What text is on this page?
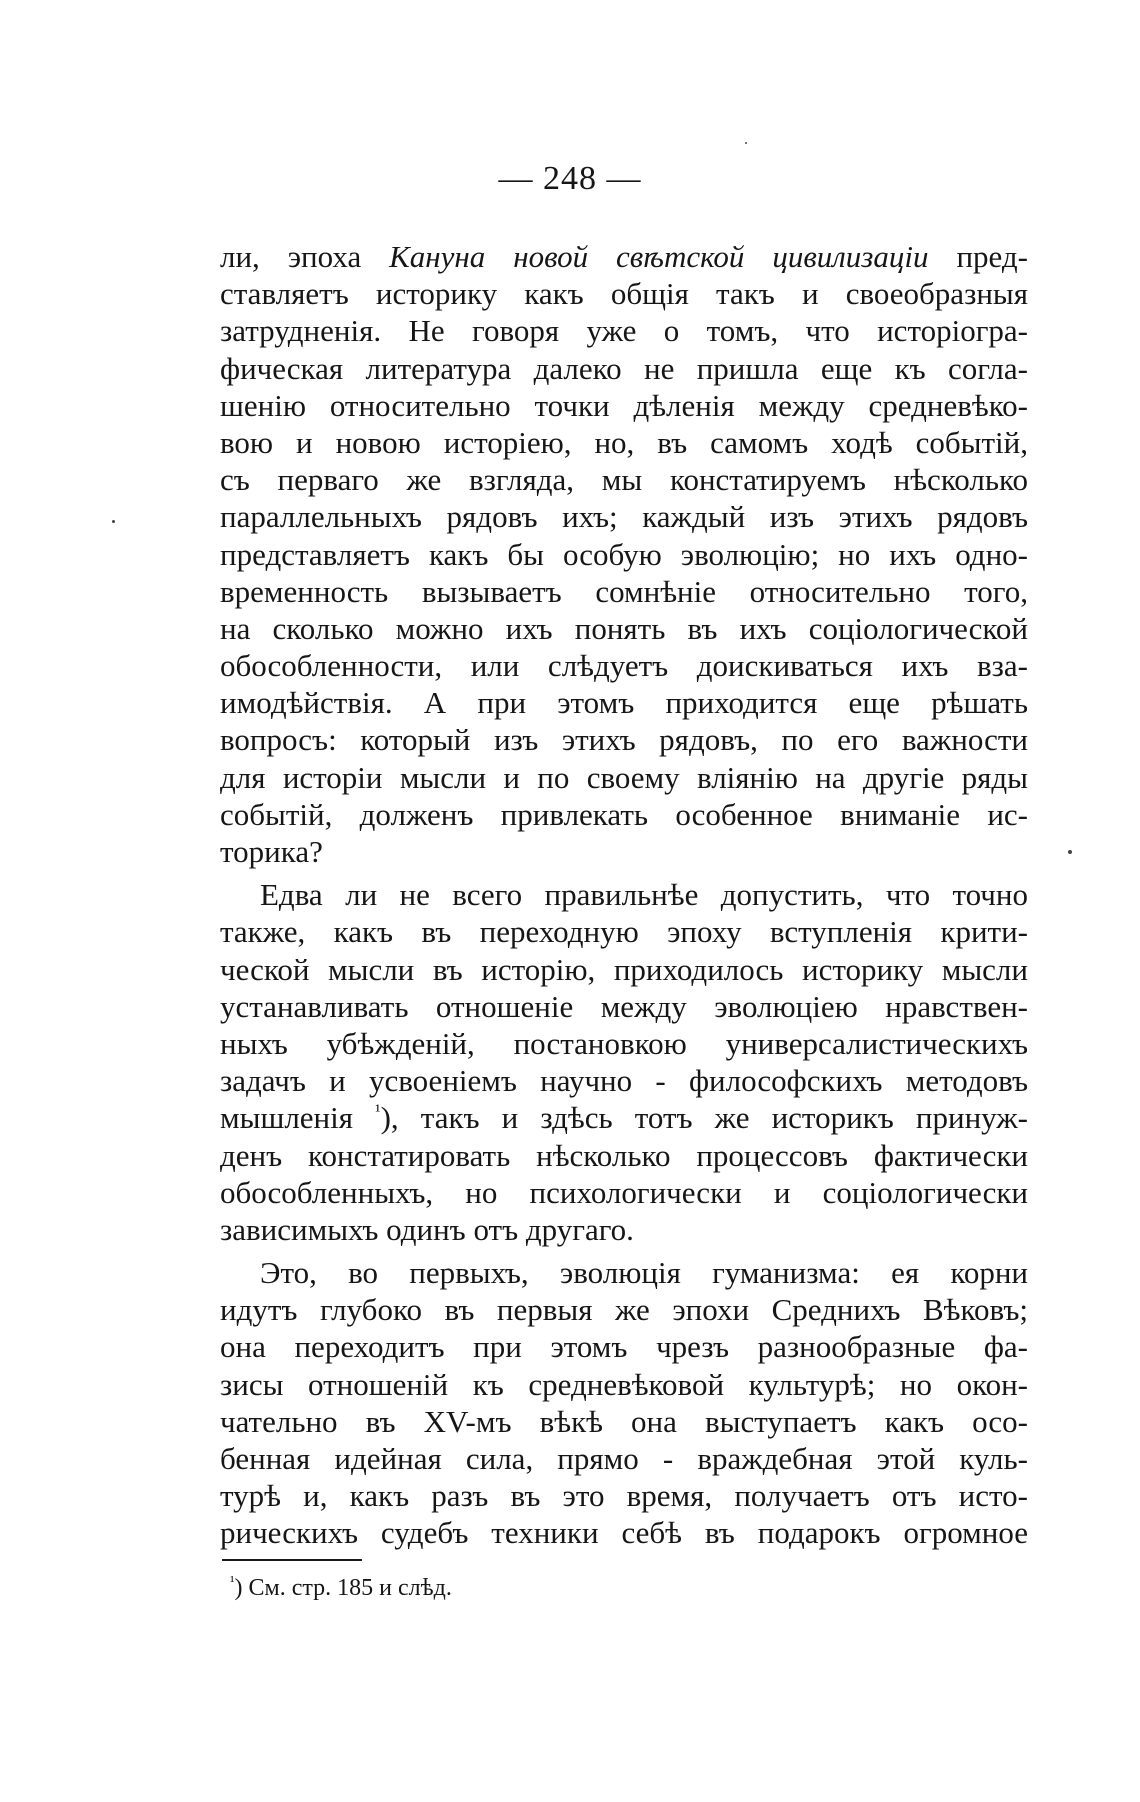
— 248 —
ли, эпоха Кануна новой свѣтской цивилизаціи пред-
ставляетъ историку какъ общія такъ и своеобразныя
затрудненія. Не говоря уже о томъ, что исторіогра-
фическая литература далеко не пришла еще къ согла-
шенію относительно точки дѣленія между средневѣко-
вою и новою исторіею, но, въ самомъ ходѣ событій,
съ перваго же взгляда, мы констатируемъ нѣсколько
параллельныхъ рядовъ ихъ; каждый изъ этихъ рядовъ
представляетъ какъ бы особую эволюцію; но ихъ одно-
временность вызываетъ сомнѣніе относительно того,
на сколько можно ихъ понять въ ихъ соціологической
обособленности, или слѣдуетъ доискиваться ихъ вза-
имодѣйствія. А при этомъ приходится еще рѣшать
вопросъ: который изъ этихъ рядовъ, по его важности
для исторіи мысли и по своему вліянію на другіе ряды
событій, долженъ привлекать особенное вниманіе ис-
торика?
Едва ли не всего правильнѣе допустить, что точно
также, какъ въ переходную эпоху вступленія крити-
ческой мысли въ исторію, приходилось историку мысли
устанавливать отношеніе между эволюціею нравствен-
ныхъ убѣжденій, постановкою универсалистическихъ
задачъ и усвоеніемъ научно - философскихъ методовъ
мышленія $^{^1}$), такъ и здѣсь тотъ же историкъ принуж-
денъ констатировать нѣсколько процессовъ фактически
обособленныхъ, но психологически и соціологически
зависимыхъ одинъ отъ другаго.
Это, во первыхъ, эволюція гуманизма: ея корни
идутъ глубоко въ первыя же эпохи Среднихъ Вѣковъ;
она переходитъ при этомъ чрезъ разнообразные фа-
зисы отношеній къ средневѣковой культурѣ; но окон-
чательно въ XV-мъ вѣкѣ она выступаетъ какъ осо-
бенная идейная сила, прямо - враждебная этой куль-
турѣ и, какъ разъ въ это время, получаетъ отъ исто-
рическихъ судебъ техники себѣ въ подарокъ огромное
$^{^1}$) См. стр. 185 и слѣд.
